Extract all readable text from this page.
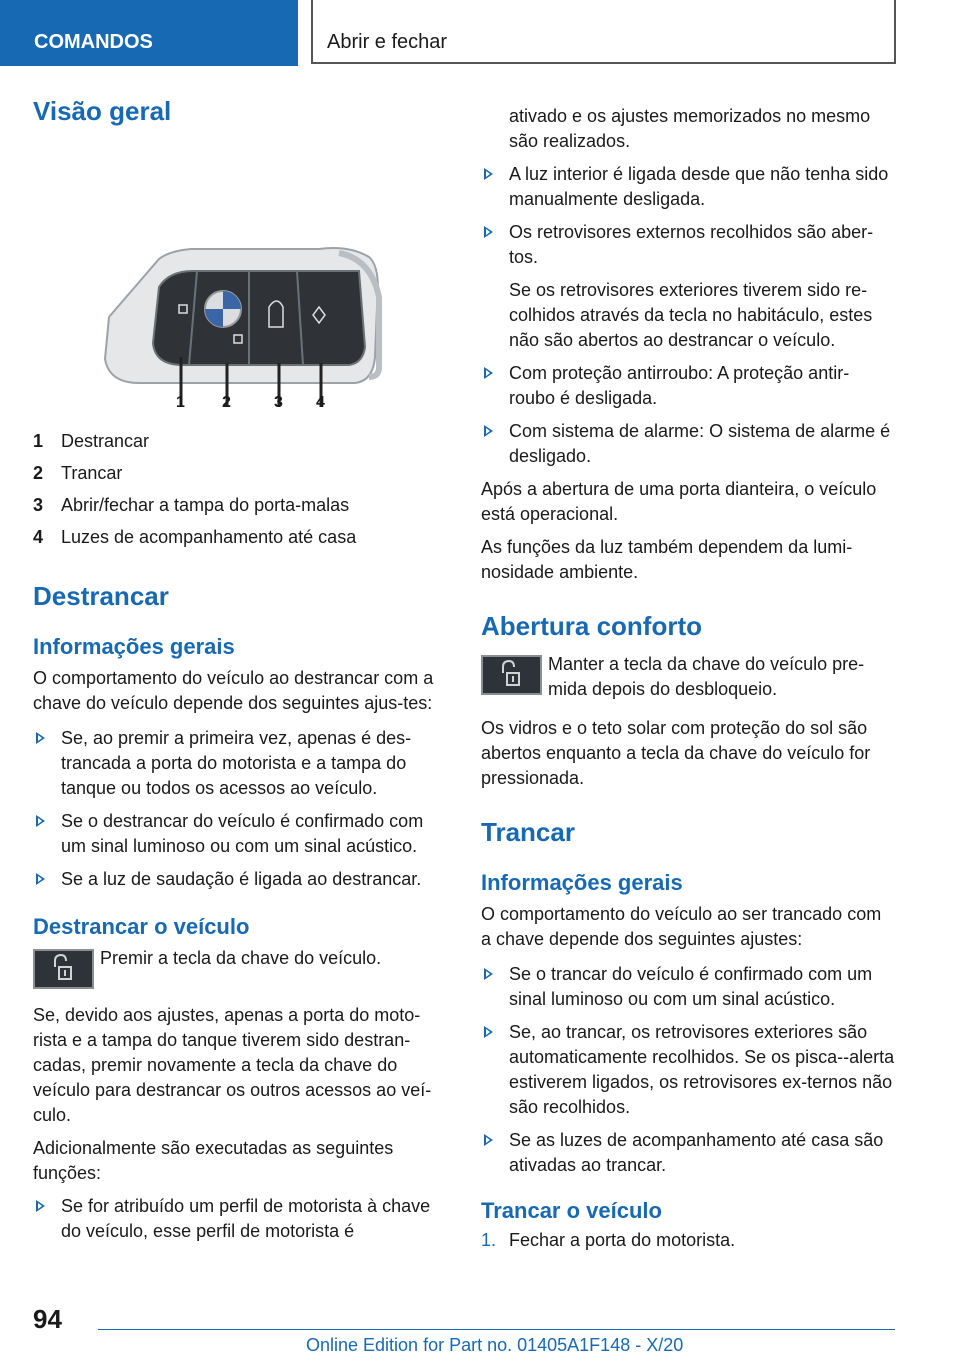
COMANDOS	Abrir e fechar
Visão geral
1 2	3 4
1 Destrancar
2 Trancar
3 Abrir/fechar a tampa do porta-malas
4 Luzes de acompanhamento até casa
Destrancar
Informações gerais

O comportamento do veículo ao destrancar com a chave do veículo depende dos seguintes ajus-tes:

Se, ao premir a primeira vez, apenas é des-trancada a porta do motorista e a tampa do tanque ou todos os acessos ao veículo.
Se o destrancar do veículo é confirmado com um sinal luminoso ou com um sinal acústico.
Se a luz de saudação é ligada ao destrancar.
Destrancar o veículo
Premir a tecla da chave do veículo.

Se, devido aos ajustes, apenas a porta do moto-rista e a tampa do tanque tiverem sido destran-cadas, premir novamente a tecla da chave do veículo para destrancar os outros acessos ao veí-culo.

Adicionalmente são executadas as seguintes funções:

Se for atribuído um perfil de motorista à chave do veículo, esse perfil de motorista é

ativado e os ajustes memorizados no mesmo são realizados.

A luz interior é ligada desde que não tenha sido manualmente desligada.
Os retrovisores externos recolhidos são aber-tos.
Se os retrovisores exteriores tiverem sido re-colhidos através da tecla no habitáculo, estes não são abertos ao destrancar o veículo.
Com proteção antirroubo: A proteção antir-roubo é desligada.
Com sistema de alarme: O sistema de alarme é desligado.

Após a abertura de uma porta dianteira, o veículo está operacional.

As funções da luz também dependem da lumi-nosidade ambiente.

Abertura conforto
Manter a tecla da chave do veículo pre-mida depois do desbloqueio.

Os vidros e o teto solar com proteção do sol são abertos enquanto a tecla da chave do veículo for pressionada.

Trancar
Informações gerais

O comportamento do veículo ao ser trancado com a chave depende dos seguintes ajustes:

Se o trancar do veículo é confirmado com um sinal luminoso ou com um sinal acústico.
Se, ao trancar, os retrovisores exteriores são automaticamente recolhidos. Se os pisca--alerta estiverem ligados, os retrovisores ex-ternos não são recolhidos.
Se as luzes de acompanhamento até casa são ativadas ao trancar.
Trancar o veículo
1. Fechar a porta do motorista.
94
Online Edition for Part no. 01405A1F148 - X/20
